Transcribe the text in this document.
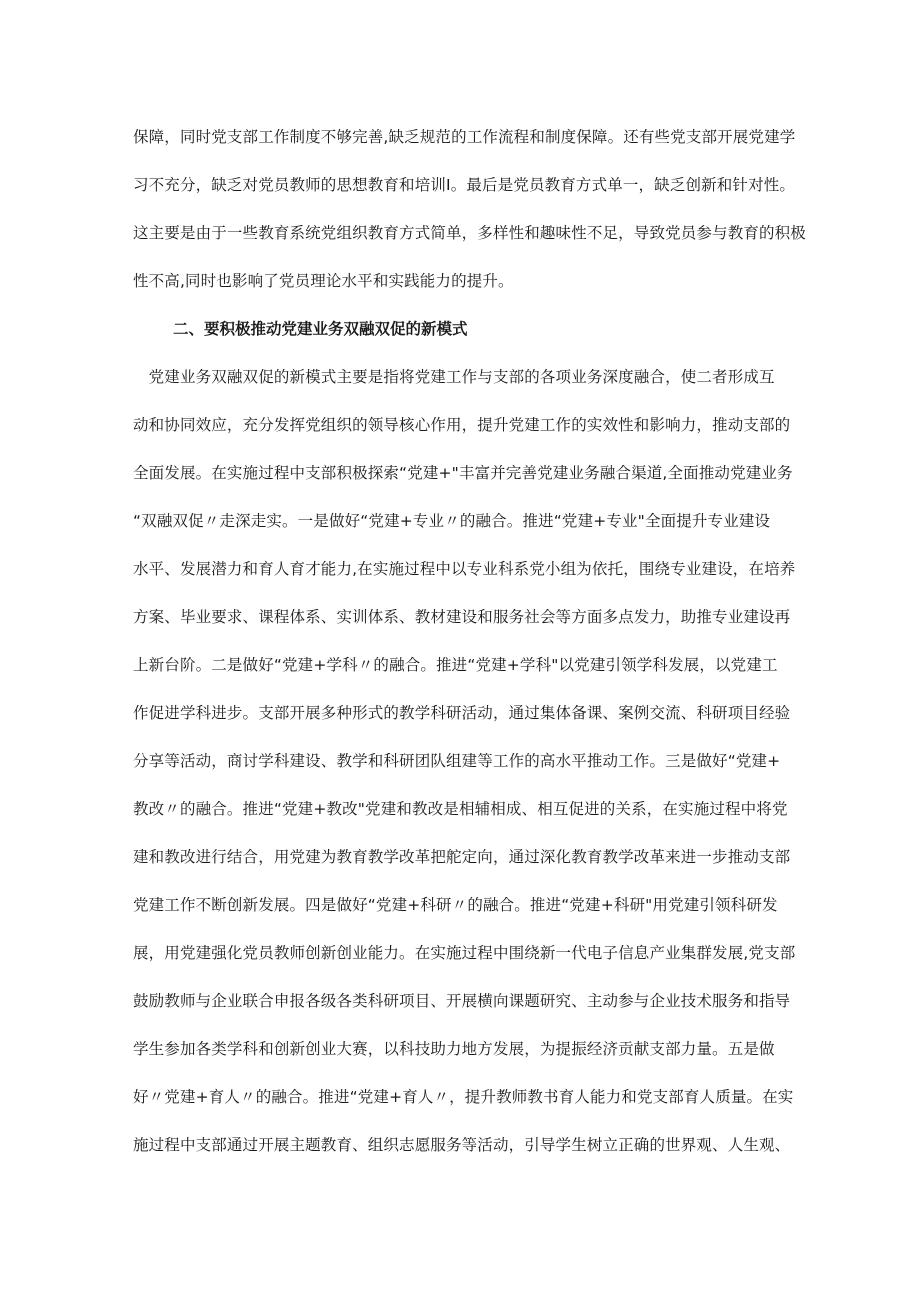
保障，同时党支部工作制度不够完善,缺乏规范的工作流程和制度保障。还有些党支部开展党建学
习不充分，缺乏对党员教师的思想教育和培训Ⅰ。最后是党员教育方式单一，缺乏创新和针对性。
这主要是由于一些教育系统党组织教育方式简单，多样性和趣味性不足，导致党员参与教育的积极
性不高,同时也影响了党员理论水平和实践能力的提升。
二、要积极推动党建业务双融双促的新模式
　党建业务双融双促的新模式主要是指将党建工作与支部的各项业务深度融合，使二者形成互
动和协同效应，充分发挥党组织的领导核心作用，提升党建工作的实效性和影响力，推动支部的
全面发展。在实施过程中支部积极探索“党建+"丰富并完善党建业务融合渠道,全面推动党建业务
“双融双促〃走深走实。一是做好“党建+专业〃的融合。推进“党建+专业"全面提升专业建设
水平、发展潜力和育人育才能力,在实施过程中以专业科系党小组为依托，围绕专业建设，在培养
方案、毕业要求、课程体系、实训体系、教材建设和服务社会等方面多点发力，助推专业建设再
上新台阶。二是做好“党建+学科〃的融合。推进“党建+学科"以党建引领学科发展，以党建工
作促进学科进步。支部开展多种形式的教学科研活动，通过集体备课、案例交流、科研项目经验
分享等活动，商讨学科建设、教学和科研团队组建等工作的高水平推动工作。三是做好“党建+
教改〃的融合。推进“党建+教改"党建和教改是相辅相成、相互促进的关系，在实施过程中将党
建和教改进行结合，用党建为教育教学改革把舵定向，通过深化教育教学改革来进一步推动支部
党建工作不断创新发展。四是做好“党建+科研〃的融合。推进“党建+科研"用党建引领科研发
展，用党建强化党员教师创新创业能力。在实施过程中围绕新一代电子信息产业集群发展,党支部
鼓励教师与企业联合申报各级各类科研项目、开展横向课题研究、主动参与企业技术服务和指导
学生参加各类学科和创新创业大赛，以科技助力地方发展，为提振经济贡献支部力量。五是做
好〃党建+育人〃的融合。推进“党建+育人〃，提升教师教书育人能力和党支部育人质量。在实
施过程中支部通过开展主题教育、组织志愿服务等活动，引导学生树立正确的世界观、人生观、
